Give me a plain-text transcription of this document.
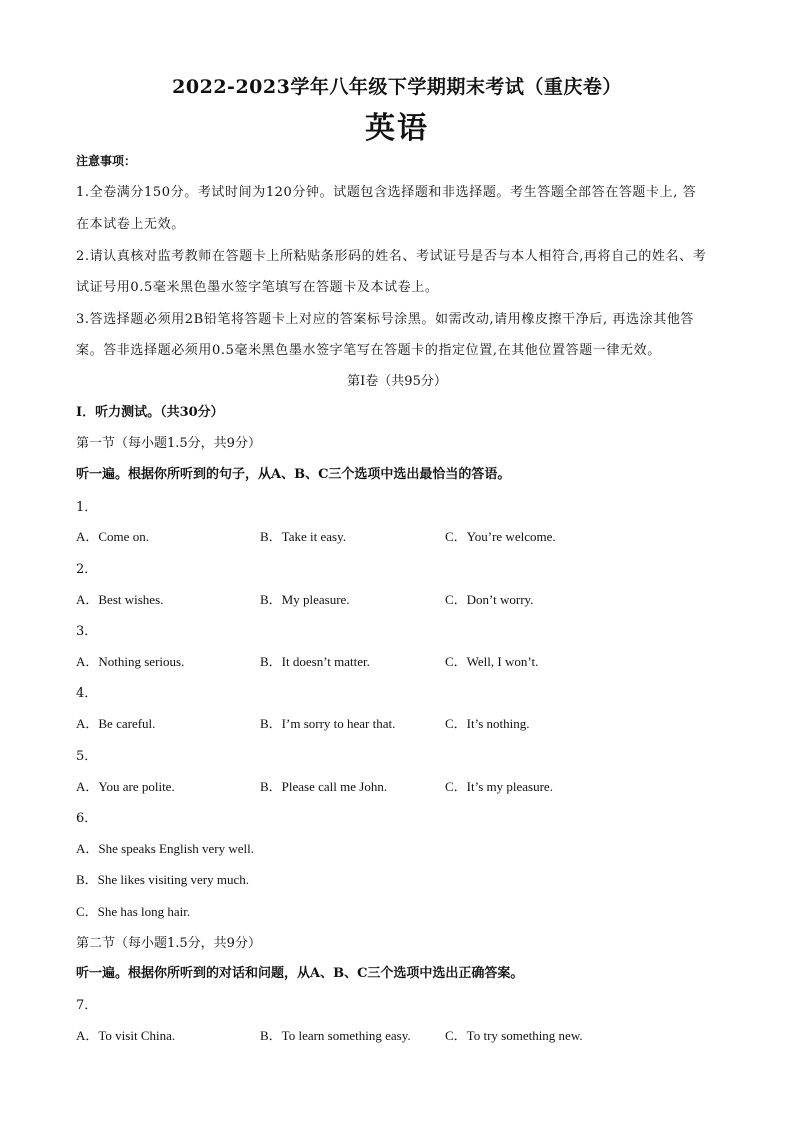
2022-2023学年八年级下学期期末考试（重庆卷）
英语
注意事项：
1.全卷满分150分。考试时间为120分钟。试题包含选择题和非选择题。考生答题全部答在答题卡上, 答
在本试卷上无效。
2.请认真核对监考教师在答题卡上所粘贴条形码的姓名、考试证号是否与本人相符合,再将自己的姓名、考
试证号用0.5毫米黑色墨水签字笔填写在答题卡及本试卷上。
3.答选择题必须用2B铅笔将答题卡上对应的答案标号涂黑。如需改动,请用橡皮擦干净后, 再选涂其他答
案。答非选择题必须用0.5毫米黑色墨水签字笔写在答题卡的指定位置,在其他位置答题一律无效。
第Ⅰ卷（共95分）
Ⅰ．听力测试。（共30分）
第一节（每小题1.5分，共9分）
听一遍。根据你所听到的句子，从A、B、C三个选项中选出最恰当的答语。
1．
A．Come on.	B．Take it easy.	C．You’re welcome.
2．
A．Best wishes.	B．My pleasure.	C．Don’t worry.
3．
A．Nothing serious.	B．It doesn’t matter.	C．Well, I won’t.
4．
A．Be careful.	B．I’m sorry to hear that.	C．It’s nothing.
5．
A．You are polite.	B．Please call me John.	C．It’s my pleasure.
6．
A．She speaks English very well.
B．She likes visiting very much.
C．She has long hair.
第二节（每小题1.5分，共9分）
听一遍。根据你所听到的对话和问题，从A、B、C三个选项中选出正确答案。
7．
A．To visit China.	B．To learn something easy.	C．To try something new.
